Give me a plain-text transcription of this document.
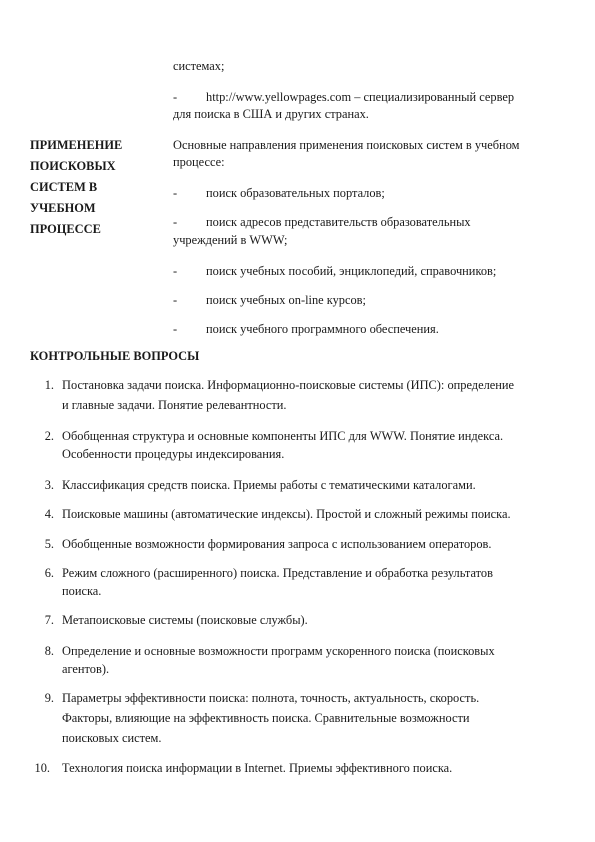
системах;
- http://www.yellowpages.com – специализированный сервер
для поиска в США и других странах.
ПРИМЕНЕНИЕ
ПОИСКОВЫХ
СИСТЕМ В
УЧЕБНОМ
ПРОЦЕССЕ
Основные направления применения поисковых систем в учебном
процессе:
- поиск образовательных порталов;
- поиск адресов представительств образовательных
учреждений в WWW;
- поиск учебных пособий, энциклопедий, справочников;
- поиск учебных on-line курсов;
- поиск учебного программного обеспечения.
КОНТРОЛЬНЫЕ ВОПРОСЫ
1. Постановка задачи поиска. Информационно-поисковые системы (ИПС): определение
и главные задачи. Понятие релевантности.
2. Обобщенная структура и основные компоненты ИПС для WWW. Понятие индекса.
Особенности процедуры индексирования.
3. Классификация средств поиска. Приемы работы с тематическими каталогами.
4. Поисковые машины (автоматические индексы). Простой и сложный режимы поиска.
5. Обобщенные возможности формирования запроса с использованием операторов.
6. Режим сложного (расширенного) поиска. Представление и обработка результатов
поиска.
7. Метапоисковые системы (поисковые службы).
8. Определение и основные возможности программ ускоренного поиска (поисковых
агентов).
9. Параметры эффективности поиска: полнота, точность, актуальность, скорость.
Факторы, влияющие на эффективность поиска. Сравнительные возможности
поисковых систем.
10. Технология поиска информации в Internet. Приемы эффективного поиска.
